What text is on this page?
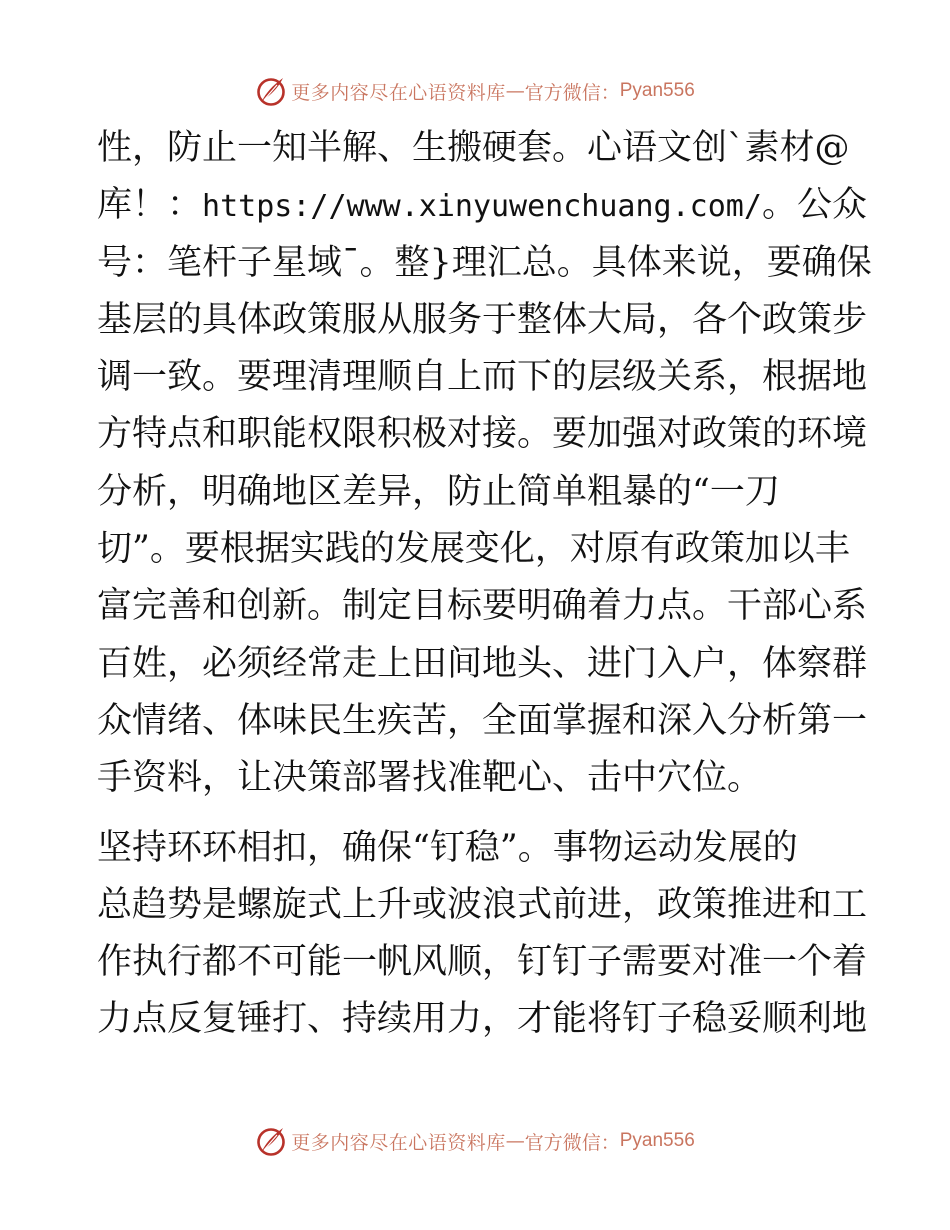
更多内容尽在心语资料库 — 官方微信： Pyan556
性，防止一知半解、生搬硬套。心语文创`素材@
库！：https://www.xinyuwenchuang.com/。公众
号：笔杆子星域¯。整}理汇总。具体来说，要确保
基层的具体政策服从服务于整体大局，各个政策步
调一致。要理清理顺自上而下的层级关系，根据地
方特点和职能权限积极对接。要加强对政策的环境
分析，明确地区差异，防止简单粗暴的“一刀
切”。要根据实践的发展变化，对原有政策加以丰
富完善和创新。制定目标要明确着力点。干部心系
百姓，必须经常走上田间地头、进门入户，体察群
众情绪、体味民生疾苦，全面掌握和深入分析第一
手资料，让决策部署找准靶心、击中穴位。
坚持环环相扣，确保“钉稳”。事物运动发展的
总趋势是螺旋式上升或波浪式前进，政策推进和工
作执行都不可能一帆风顺，钉钉子需要对准一个着
力点反复锤打、持续用力，才能将钉子稳妥顺利地
更多内容尽在心语资料库 — 官方微信： Pyan556
